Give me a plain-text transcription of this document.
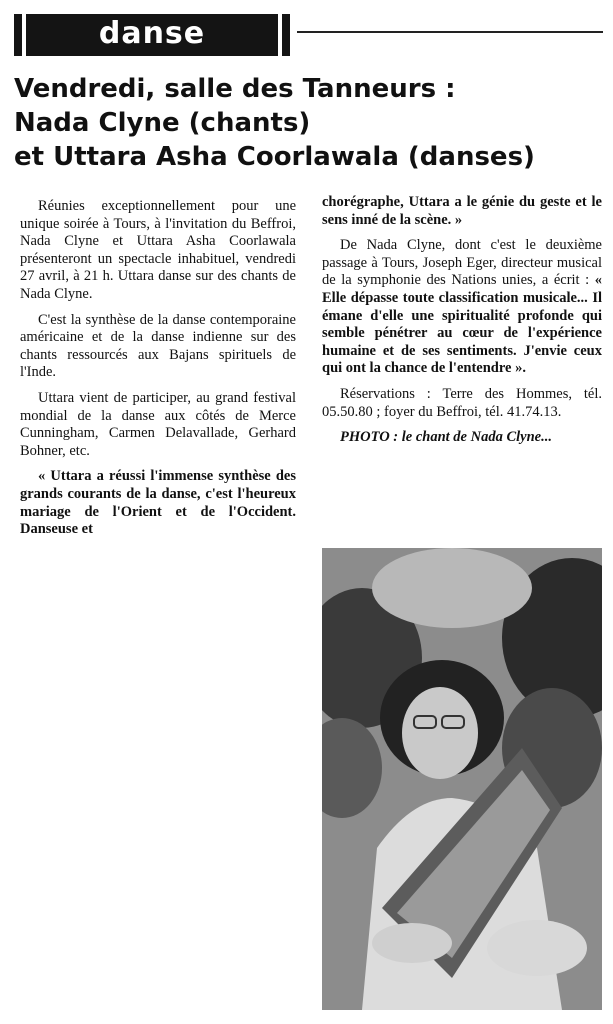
danse
Vendredi, salle des Tanneurs :
Nada Clyne (chants)
et Uttara Asha Coorlawala (danses)

Réunies exceptionnellement pour une unique soirée à Tours, à l'invitation du Beffroi, Nada Clyne et Uttara Asha Coorlawala présenteront un spectacle inhabituel, vendredi 27 avril, à 21 h. Uttara danse sur des chants de Nada Clyne.

C'est la synthèse de la danse contemporaine américaine et de la danse indienne sur des chants ressourcés aux Bajans spirituels de l'Inde.

Uttara vient de participer, au grand festival mondial de la danse aux côtés de Merce Cunningham, Carmen Delavallade, Gerhard Bohner, etc.

« Uttara a réussi l'immense synthèse des grands courants de la danse, c'est l'heureux mariage de l'Orient et de l'Occident. Danseuse et

chorégraphe, Uttara a le génie du geste et le sens inné de la scène. »

De Nada Clyne, dont c'est le deuxième passage à Tours, Joseph Eger, directeur musical de la symphonie des Nations unies, a écrit : « Elle dépasse toute classification musicale... Il émane d'elle une spiritualité profonde qui semble pénétrer au cœur de l'expérience humaine et de ses sentiments. J'envie ceux qui ont la chance de l'entendre ».

Réservations : Terre des Hommes, tél. 05.50.80 ; foyer du Beffroi, tél. 41.74.13.

PHOTO : le chant de Nada Clyne...
